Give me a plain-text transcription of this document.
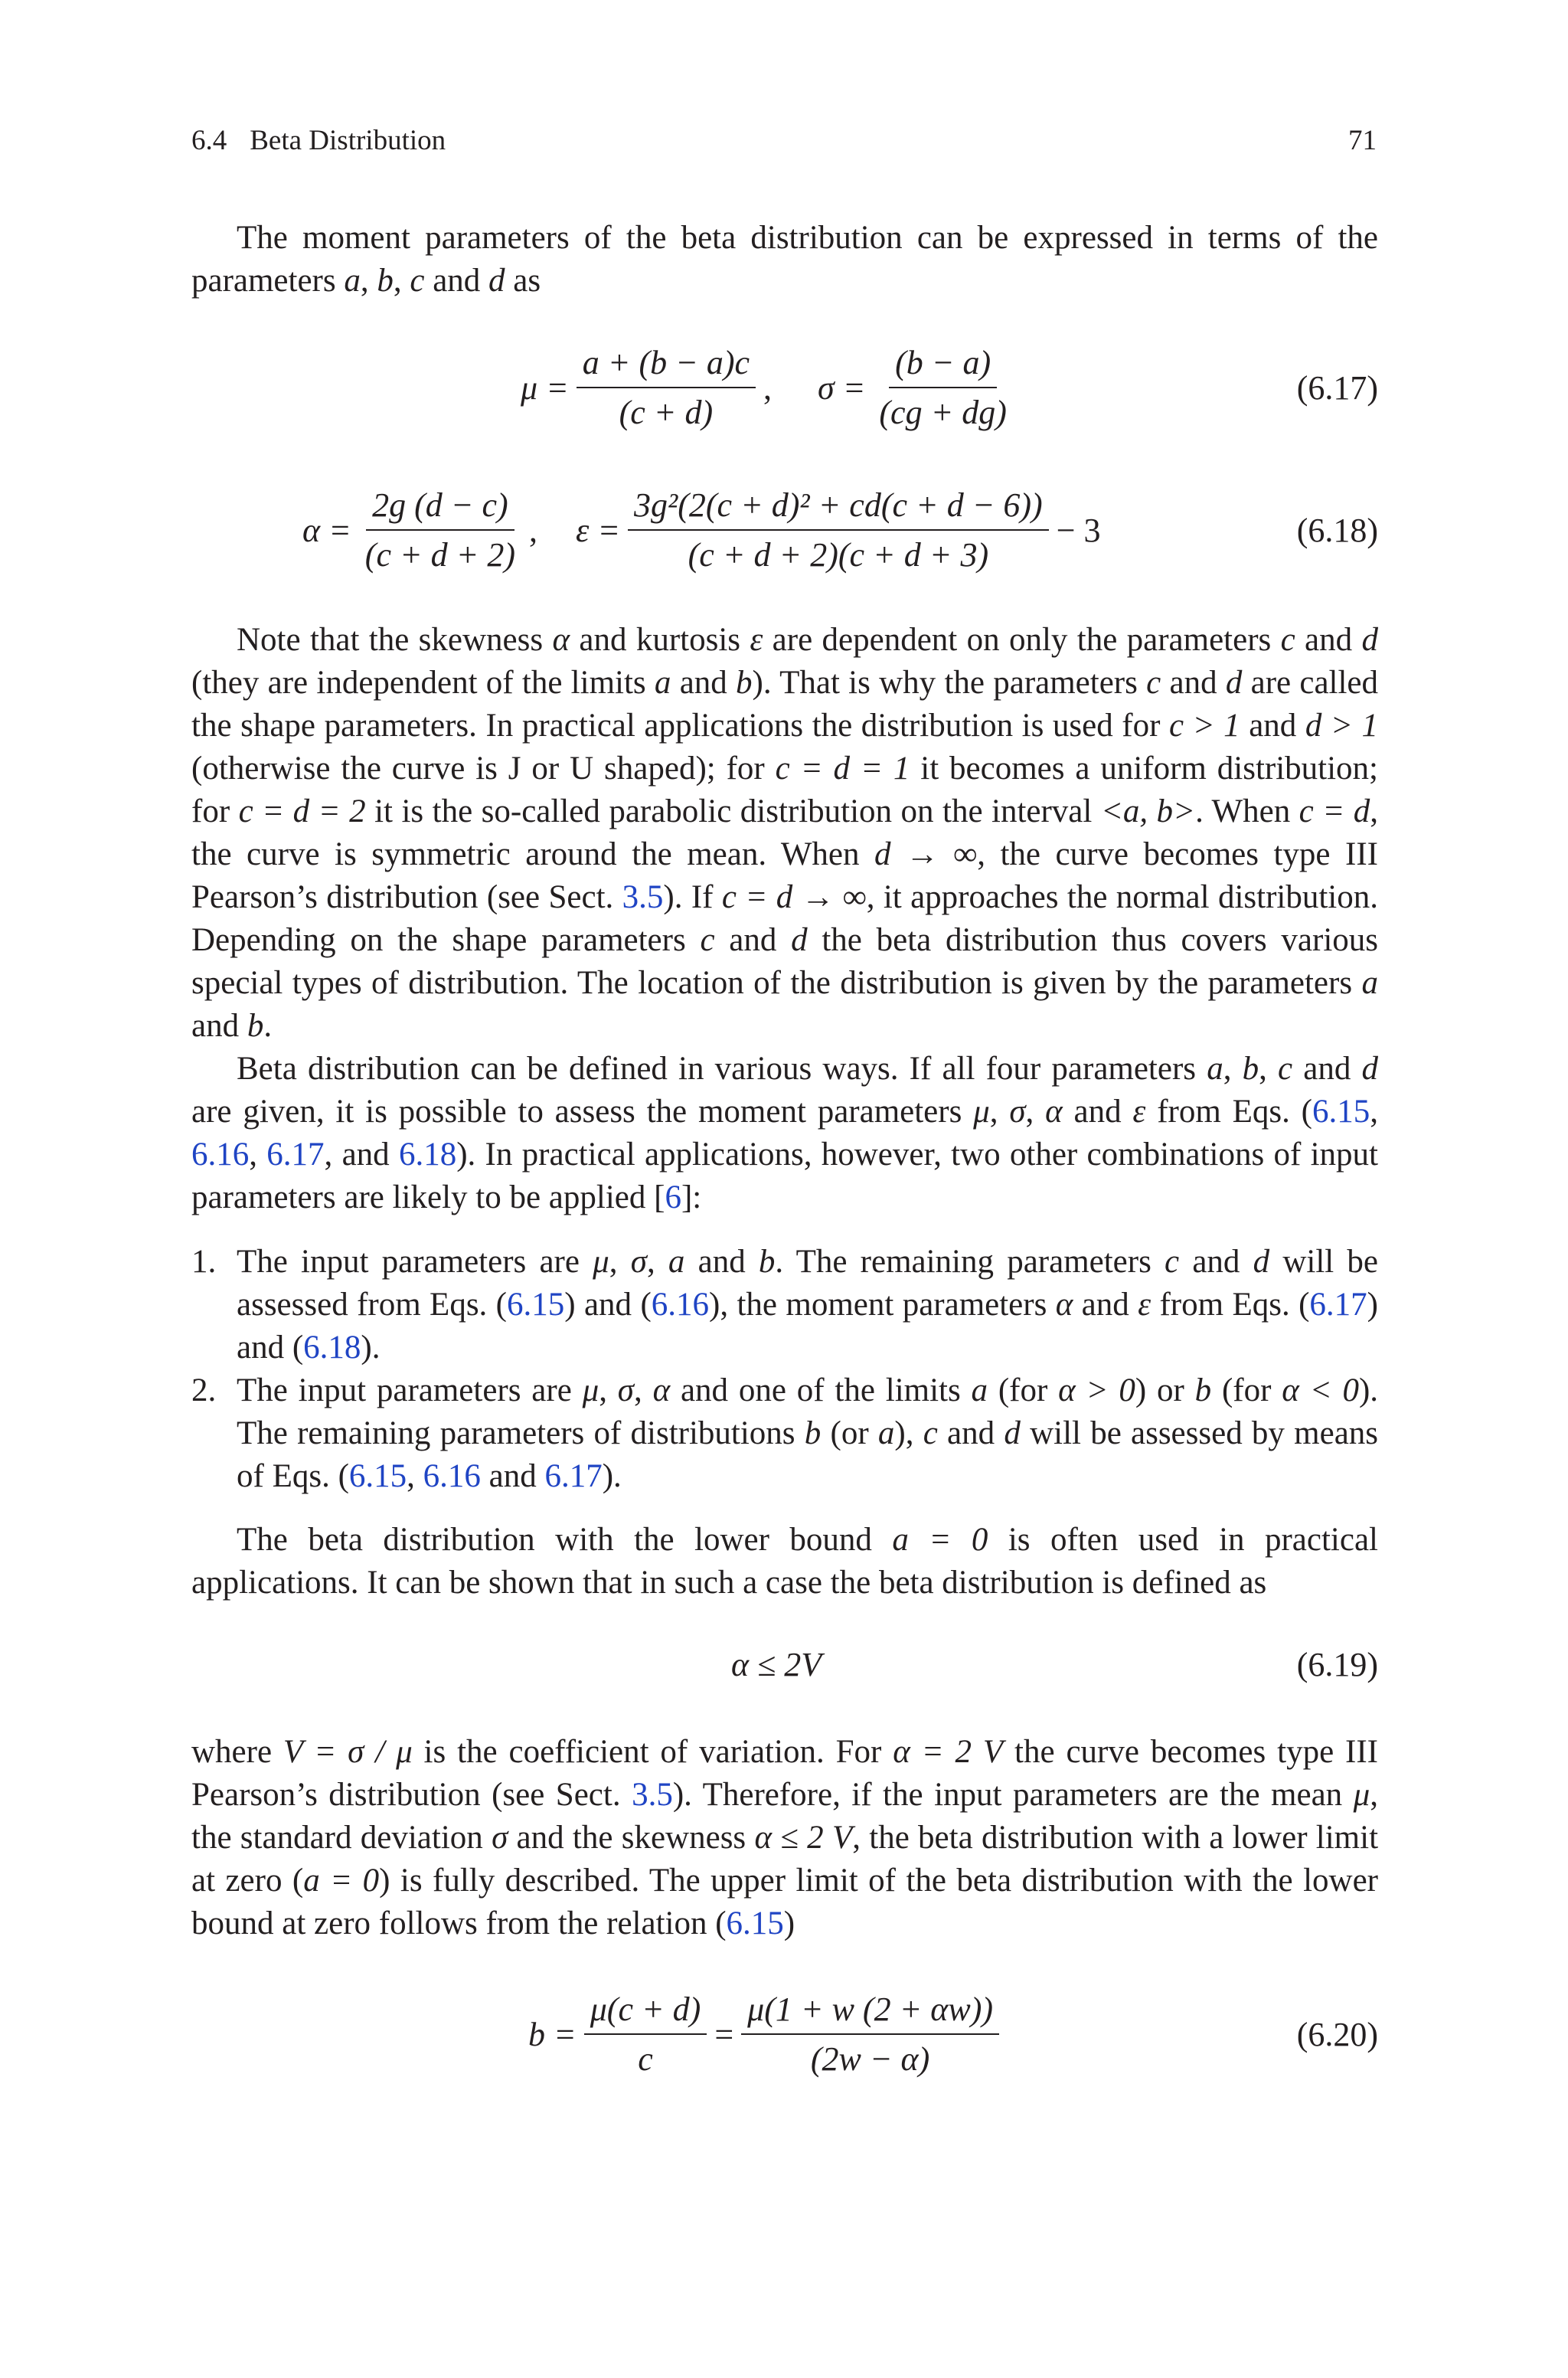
6.4 Beta Distribution	71

The moment parameters of the beta distribution can be expressed in terms of the parameters a, b, c and d as

$\mu = \frac{a + (b - a)c}{(c + d)}$ , $\sigma = \frac{(b - a)}{(cg + dg)}$	(6.17)
$\alpha = \frac{2g (d - c)}{(c + d + 2)}$ , $\varepsilon = \frac{\text{3g²(2(c + d)² + cd(c + d − 6))}}{(c + d + 2)(c + d + 3)} - 3$	(6.18)

Note that the skewness α and kurtosis ε are dependent on only the parameters c and d (they are independent of the limits a and b). That is why the parameters c and d are called the shape parameters. In practical applications the distribution is used for c > 1 and d > 1 (otherwise the curve is J or U shaped); for c = d = 1 it becomes a uniform distribution; for c = d = 2 it is the so-called parabolic distribution on the interval <a, b>. When c = d, the curve is symmetric around the mean. When d → ∞, the curve becomes type III Pearson’s distribution (see Sect. 3.5). If c = d → ∞, it approaches the normal distribution. Depending on the shape parameters c and d the beta distribution thus covers various special types of distribution. The location of the distribution is given by the parameters a and b.

Beta distribution can be defined in various ways. If all four parameters a, b, c and d are given, it is possible to assess the moment parameters μ, σ, α and ε from Eqs. (6.15, 6.16, 6.17, and 6.18). In practical applications, however, two other combinations of input parameters are likely to be applied [6]:

1. The input parameters are μ, σ, a and b. The remaining parameters c and d will be assessed from Eqs. (6.15) and (6.16), the moment parameters α and ε from Eqs. (6.17) and (6.18).
2. The input parameters are μ, σ, α and one of the limits a (for α > 0) or b (for α < 0). The remaining parameters of distributions b (or a), c and d will be assessed by means of Eqs. (6.15, 6.16 and 6.17).

The beta distribution with the lower bound a = 0 is often used in practical applications. It can be shown that in such a case the beta distribution is defined as

α ≤ 2V	(6.19)

where V = σ / μ is the coefficient of variation. For α = 2 V the curve becomes type III Pearson’s distribution (see Sect. 3.5). Therefore, if the input parameters are the mean μ, the standard deviation σ and the skewness α ≤ 2 V, the beta distribution with a lower limit at zero (a = 0) is fully described. The upper limit of the beta distribution with the lower bound at zero follows from the relation (6.15)

$b = \frac{\mu(c + d)}{c} = \frac{\mu(1 + w (2 + \alpha w))}{(2w - \alpha)}$	(6.20)
